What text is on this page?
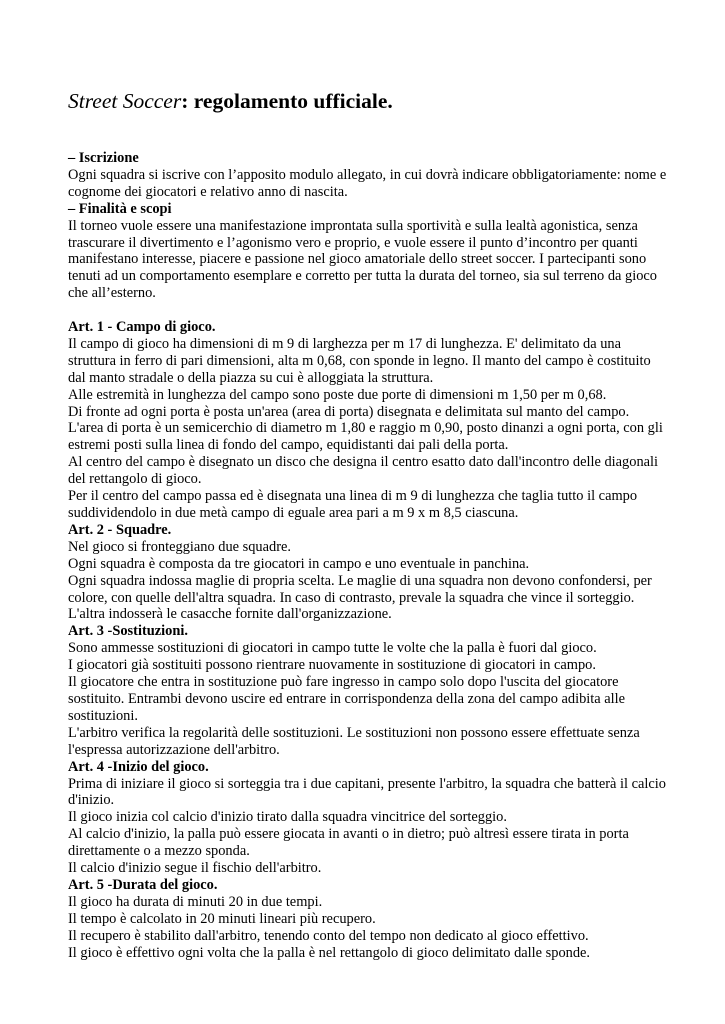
Street Soccer: regolamento ufficiale.
– Iscrizione
Ogni squadra si iscrive con l’apposito modulo allegato, in cui dovrà indicare obbligatoriamente: nome e cognome dei giocatori e relativo anno di nascita.
– Finalità e scopi
Il torneo vuole essere una manifestazione improntata sulla sportività e sulla lealtà agonistica, senza trascurare il divertimento e l’agonismo vero e proprio, e vuole essere il punto d’incontro per quanti manifestano interesse, piacere e passione nel gioco amatoriale dello street soccer. I partecipanti sono tenuti ad un comportamento esemplare e corretto per tutta la durata del torneo, sia sul terreno da gioco che all’esterno.
Art. 1 - Campo di gioco.
Il campo di gioco ha dimensioni di m 9 di larghezza per m 17 di lunghezza. E' delimitato da una struttura in ferro di pari dimensioni, alta m 0,68, con sponde in legno. Il manto del campo è costituito dal manto stradale o della piazza su cui è alloggiata la struttura.
Alle estremità in lunghezza del campo sono poste due porte di dimensioni m 1,50 per m 0,68.
Di fronte ad ogni porta è posta un'area (area di porta) disegnata e delimitata sul manto del campo.
L'area di porta è un semicerchio di diametro m 1,80 e raggio m 0,90, posto dinanzi a ogni porta, con gli estremi posti sulla linea di fondo del campo, equidistanti dai pali della porta.
Al centro del campo è disegnato un disco che designa il centro esatto dato dall'incontro delle diagonali del rettangolo di gioco.
Per il centro del campo passa ed è disegnata una linea di m 9 di lunghezza che taglia tutto il campo suddividendolo in due metà campo di eguale area pari a m 9 x m 8,5 ciascuna.
Art. 2 - Squadre.
Nel gioco si fronteggiano due squadre.
Ogni squadra è composta da tre giocatori in campo e uno eventuale in panchina.
Ogni squadra indossa maglie di propria scelta. Le maglie di una squadra non devono confondersi, per colore, con quelle dell'altra squadra. In caso di contrasto, prevale la squadra che vince il sorteggio. L'altra indosserà le casacche fornite dall'organizzazione.
Art. 3 -Sostituzioni.
Sono ammesse sostituzioni di giocatori in campo tutte le volte che la palla è fuori dal gioco.
I giocatori già sostituiti possono rientrare nuovamente in sostituzione di giocatori in campo.
Il giocatore che entra in sostituzione può fare ingresso in campo solo dopo l'uscita del giocatore sostituito. Entrambi devono uscire ed entrare in corrispondenza della zona del campo adibita alle sostituzioni.
L'arbitro verifica la regolarità delle sostituzioni. Le sostituzioni non possono essere effettuate senza l'espressa autorizzazione dell'arbitro.
Art. 4 -Inizio del gioco.
Prima di iniziare il gioco si sorteggia tra i due capitani, presente l'arbitro, la squadra che batterà il calcio d'inizio.
Il gioco inizia col calcio d'inizio tirato dalla squadra vincitrice del sorteggio.
Al calcio d'inizio, la palla può essere giocata in avanti o in dietro; può altresì essere tirata in porta direttamente o a mezzo sponda.
Il calcio d'inizio segue il fischio dell'arbitro.
Art. 5 -Durata del gioco.
Il gioco ha durata di minuti 20 in due tempi.
Il tempo è calcolato in 20 minuti lineari più recupero.
Il recupero è stabilito dall'arbitro, tenendo conto del tempo non dedicato al gioco effettivo.
Il gioco è effettivo ogni volta che la palla è nel rettangolo di gioco delimitato dalle sponde.
